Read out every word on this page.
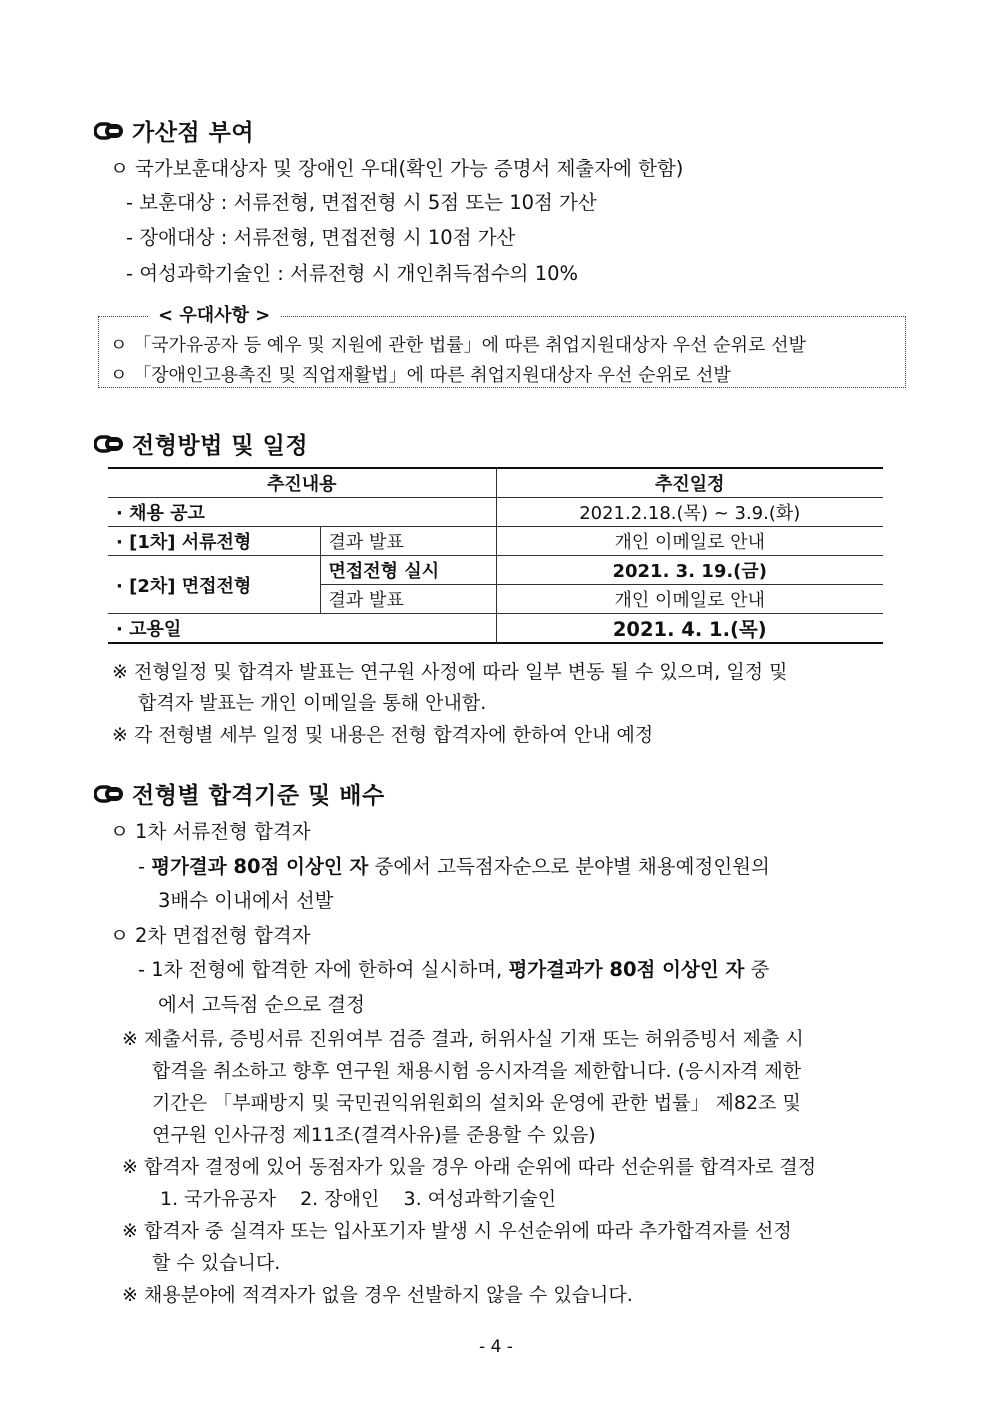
가산점 부여
ㅇ 국가보훈대상자 및 장애인 우대(확인 가능 증명서 제출자에 한함)
- 보훈대상 : 서류전형, 면접전형 시 5점 또는 10점 가산
- 장애대상 : 서류전형, 면접전형 시 10점 가산
- 여성과학기술인 : 서류전형 시 개인취득점수의 10%
< 우대사항 >
ㅇ 「국가유공자 등 예우 및 지원에 관한 법률」에 따른 취업지원대상자 우선 순위로 선발
ㅇ 「장애인고용촉진 및 직업재활법」에 따른 취업지원대상자 우선 순위로 선발
전형방법 및 일정
추진내용		추진일정
· 채용 공고		2021.2.18.(목) ~ 3.9.(화)
· [1차] 서류전형	결과 발표	개인 이메일로 안내
· [2차] 면접전형	면접전형 실시	2021. 3. 19.(금)
	결과 발표	개인 이메일로 안내
· 고용일		2021. 4. 1.(목)
※ 전형일정 및 합격자 발표는 연구원 사정에 따라 일부 변동 될 수 있으며, 일정 및
합격자 발표는 개인 이메일을 통해 안내함.
※ 각 전형별 세부 일정 및 내용은 전형 합격자에 한하여 안내 예정
전형별 합격기준 및 배수
ㅇ 1차 서류전형 합격자
- 평가결과 80점 이상인 자 중에서 고득점자순으로 분야별 채용예정인원의
3배수 이내에서 선발
ㅇ 2차 면접전형 합격자
- 1차 전형에 합격한 자에 한하여 실시하며, 평가결과가 80점 이상인 자 중
에서 고득점 순으로 결정
※ 제출서류, 증빙서류 진위여부 검증 결과, 허위사실 기재 또는 허위증빙서 제출 시
합격을 취소하고 향후 연구원 채용시험 응시자격을 제한합니다. (응시자격 제한
기간은 「부패방지 및 국민권익위원회의 설치와 운영에 관한 법률」 제82조 및
연구원 인사규정 제11조(결격사유)를 준용할 수 있음)
※ 합격자 결정에 있어 동점자가 있을 경우 아래 순위에 따라 선순위를 합격자로 결정
1. 국가유공자    2. 장애인    3. 여성과학기술인
※ 합격자 중 실격자 또는 입사포기자 발생 시 우선순위에 따라 추가합격자를 선정
할 수 있습니다.
※ 채용분야에 적격자가 없을 경우 선발하지 않을 수 있습니다.
- 4 -
